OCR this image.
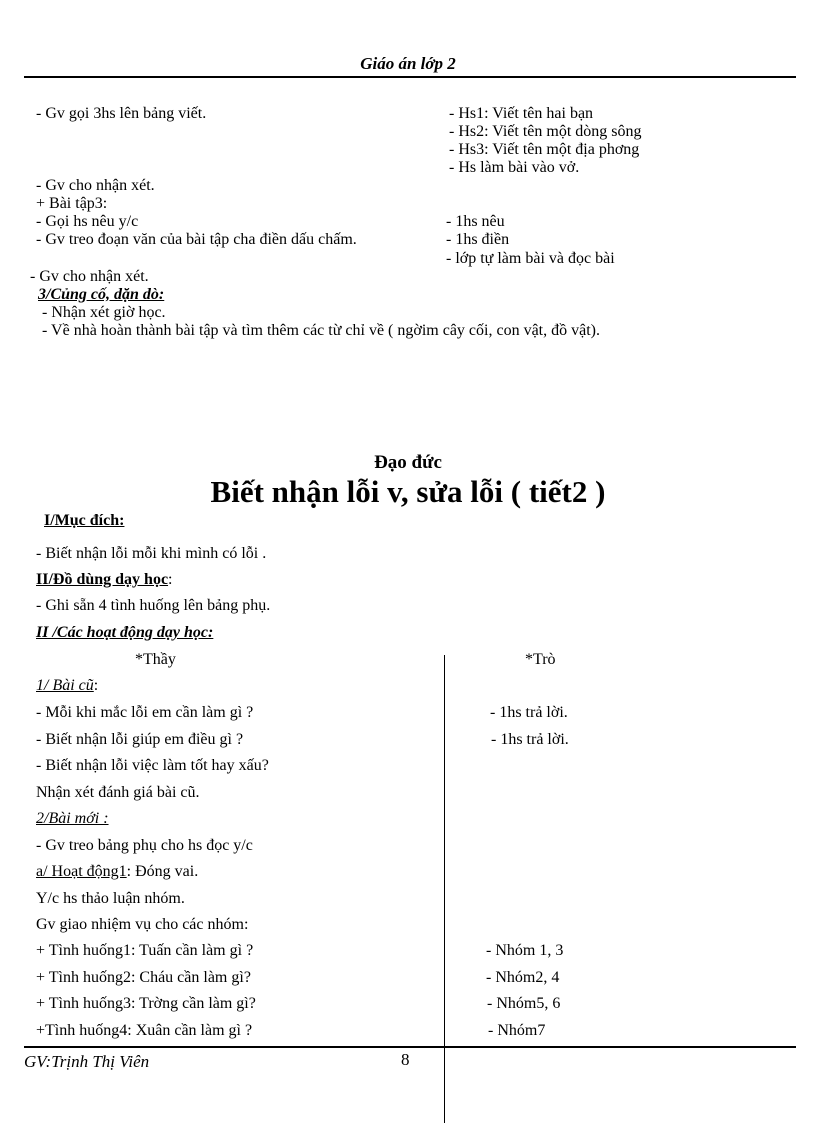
Giáo án lớp 2
- Gv gọi 3hs lên bảng viết.
- Gv cho nhận xét.
+ Bài tập3:
- Gọi hs nêu y/c
- Gv treo đoạn văn của bài tập cha điền dấu chấm.
- Gv cho nhận xét.
3/Củng cố, dặn dò:
- Nhận xét giờ học.
- Về nhà hoàn thành bài tập và tìm thêm các từ chỉ về ( ngờim cây cối, con vật, đồ vật).
- Hs1: Viết tên hai bạn
- Hs2: Viết tên một dòng sông
- Hs3: Viết tên một địa phơng
- Hs làm bài vào vở.
- 1hs nêu
- 1hs điền
- lớp tự làm bài và đọc bài
Đạo đức
Biết nhận lỗi v, sửa lỗi ( tiết2 )
I/Mục đích:
- Biết nhận lỗi mỗi khi mình có lỗi .
II/Đồ dùng dạy học:
- Ghi sẵn 4 tình huống lên bảng phụ.
II /Các hoạt động dạy học:
*Thầy	*Trò
1/ Bài cũ:
- Mỗi khi mắc lỗi em cần làm gì ?
- Biết nhận lỗi giúp em điều gì ?
- Biết nhận lỗi việc làm tốt hay xấu?
Nhận xét đánh giá bài cũ.
2/Bài mới :
- Gv treo bảng phụ cho hs đọc y/c
a/ Hoạt động1: Đóng vai.
Y/c hs thảo luận nhóm.
Gv giao nhiệm vụ cho các nhóm:
+ Tình huống1: Tuấn cần làm gì ?
+ Tình huống2: Cháu cần làm gì?
+ Tình huống3: Trờng cần làm gì?
+Tình huống4: Xuân cần làm gì ?
- 1hs trả lời.
- 1hs trả lời.
- Nhóm 1, 3
- Nhóm2, 4
- Nhóm5, 6
- Nhóm7
GV:Trịnh Thị Viên	8
